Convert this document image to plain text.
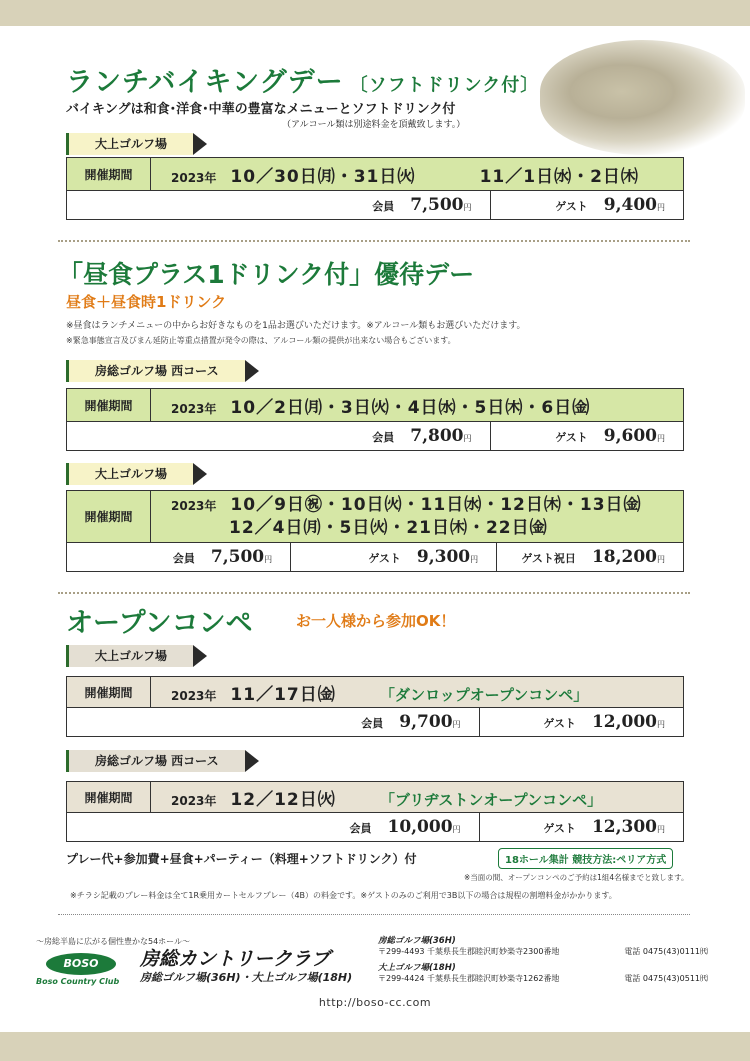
ランチバイキングデー 〔ソフトドリンク付〕
バイキングは和食･洋食･中華の豊富なメニューとソフトドリンク付
（アルコール類は別途料金を頂戴致します。）
大上ゴルフ場
開催期間	2023年 10／30日㈪・31日㈫ 11／1日㈬・2日㈭	
会員 7,500円		ゲスト 9,400円
「昼食プラス1ドリンク付」優待デー
昼食＋昼食時1ドリンク
※昼食はランチメニューの中からお好きなものを1品お選びいただけます。※アルコール類もお選びいただけます。
※緊急事態宣言及びまん延防止等重点措置が発令の際は、アルコール類の提供が出来ない場合もございます。
房総ゴルフ場 西コース
開催期間	2023年 10／2日㈪・3日㈫・4日㈬・5日㈭・6日㈮	
会員 7,800円		ゲスト 9,600円
大上ゴルフ場
開催期間	2023年 10／9日㊗・10日㈫・11日㈬・12日㈭・13日㈮
12／4日㈪・5日㈫・21日㈭・22日㈮		
会員 7,500円		ゲスト 9,300円	ゲスト祝日 18,200円
オープンコンペ	お一人様から参加OK！
大上ゴルフ場
開催期間	2023年 11／17日㈮ 「ダンロップオープンコンペ」	
会員 9,700円		ゲスト 12,000円
房総ゴルフ場 西コース
開催期間	2023年 12／12日㈫ 「ブリヂストンオープンコンペ」	
会員 10,000円		ゲスト 12,300円
プレー代+参加費+昼食+パーティー（料理+ソフトドリンク）付	18ホール集計 競技方法:ペリア方式
※当面の間、オープンコンペのご予約は1組4名様までと致します。
※チラシ記載のプレー料金は全て1R乗用カートセルフプレー（4B）の料金です。※ゲストのみのご利用で3B以下の場合は規程の割増料金がかかります。
〜房総半島に広がる個性豊かな54ホール〜
BOSO
Boso Country Club
房総カントリークラブ
房総ゴルフ場(36H)・大上ゴルフ場(18H)
房総ゴルフ場(36H)
〒299-4493 千葉県長生郡睦沢町妙楽寺2300番地	電話 0475(43)0111㈹
大上ゴルフ場(18H)
〒299-4424 千葉県長生郡睦沢町妙楽寺1262番地	電話 0475(43)0511㈹
http://boso-cc.com
